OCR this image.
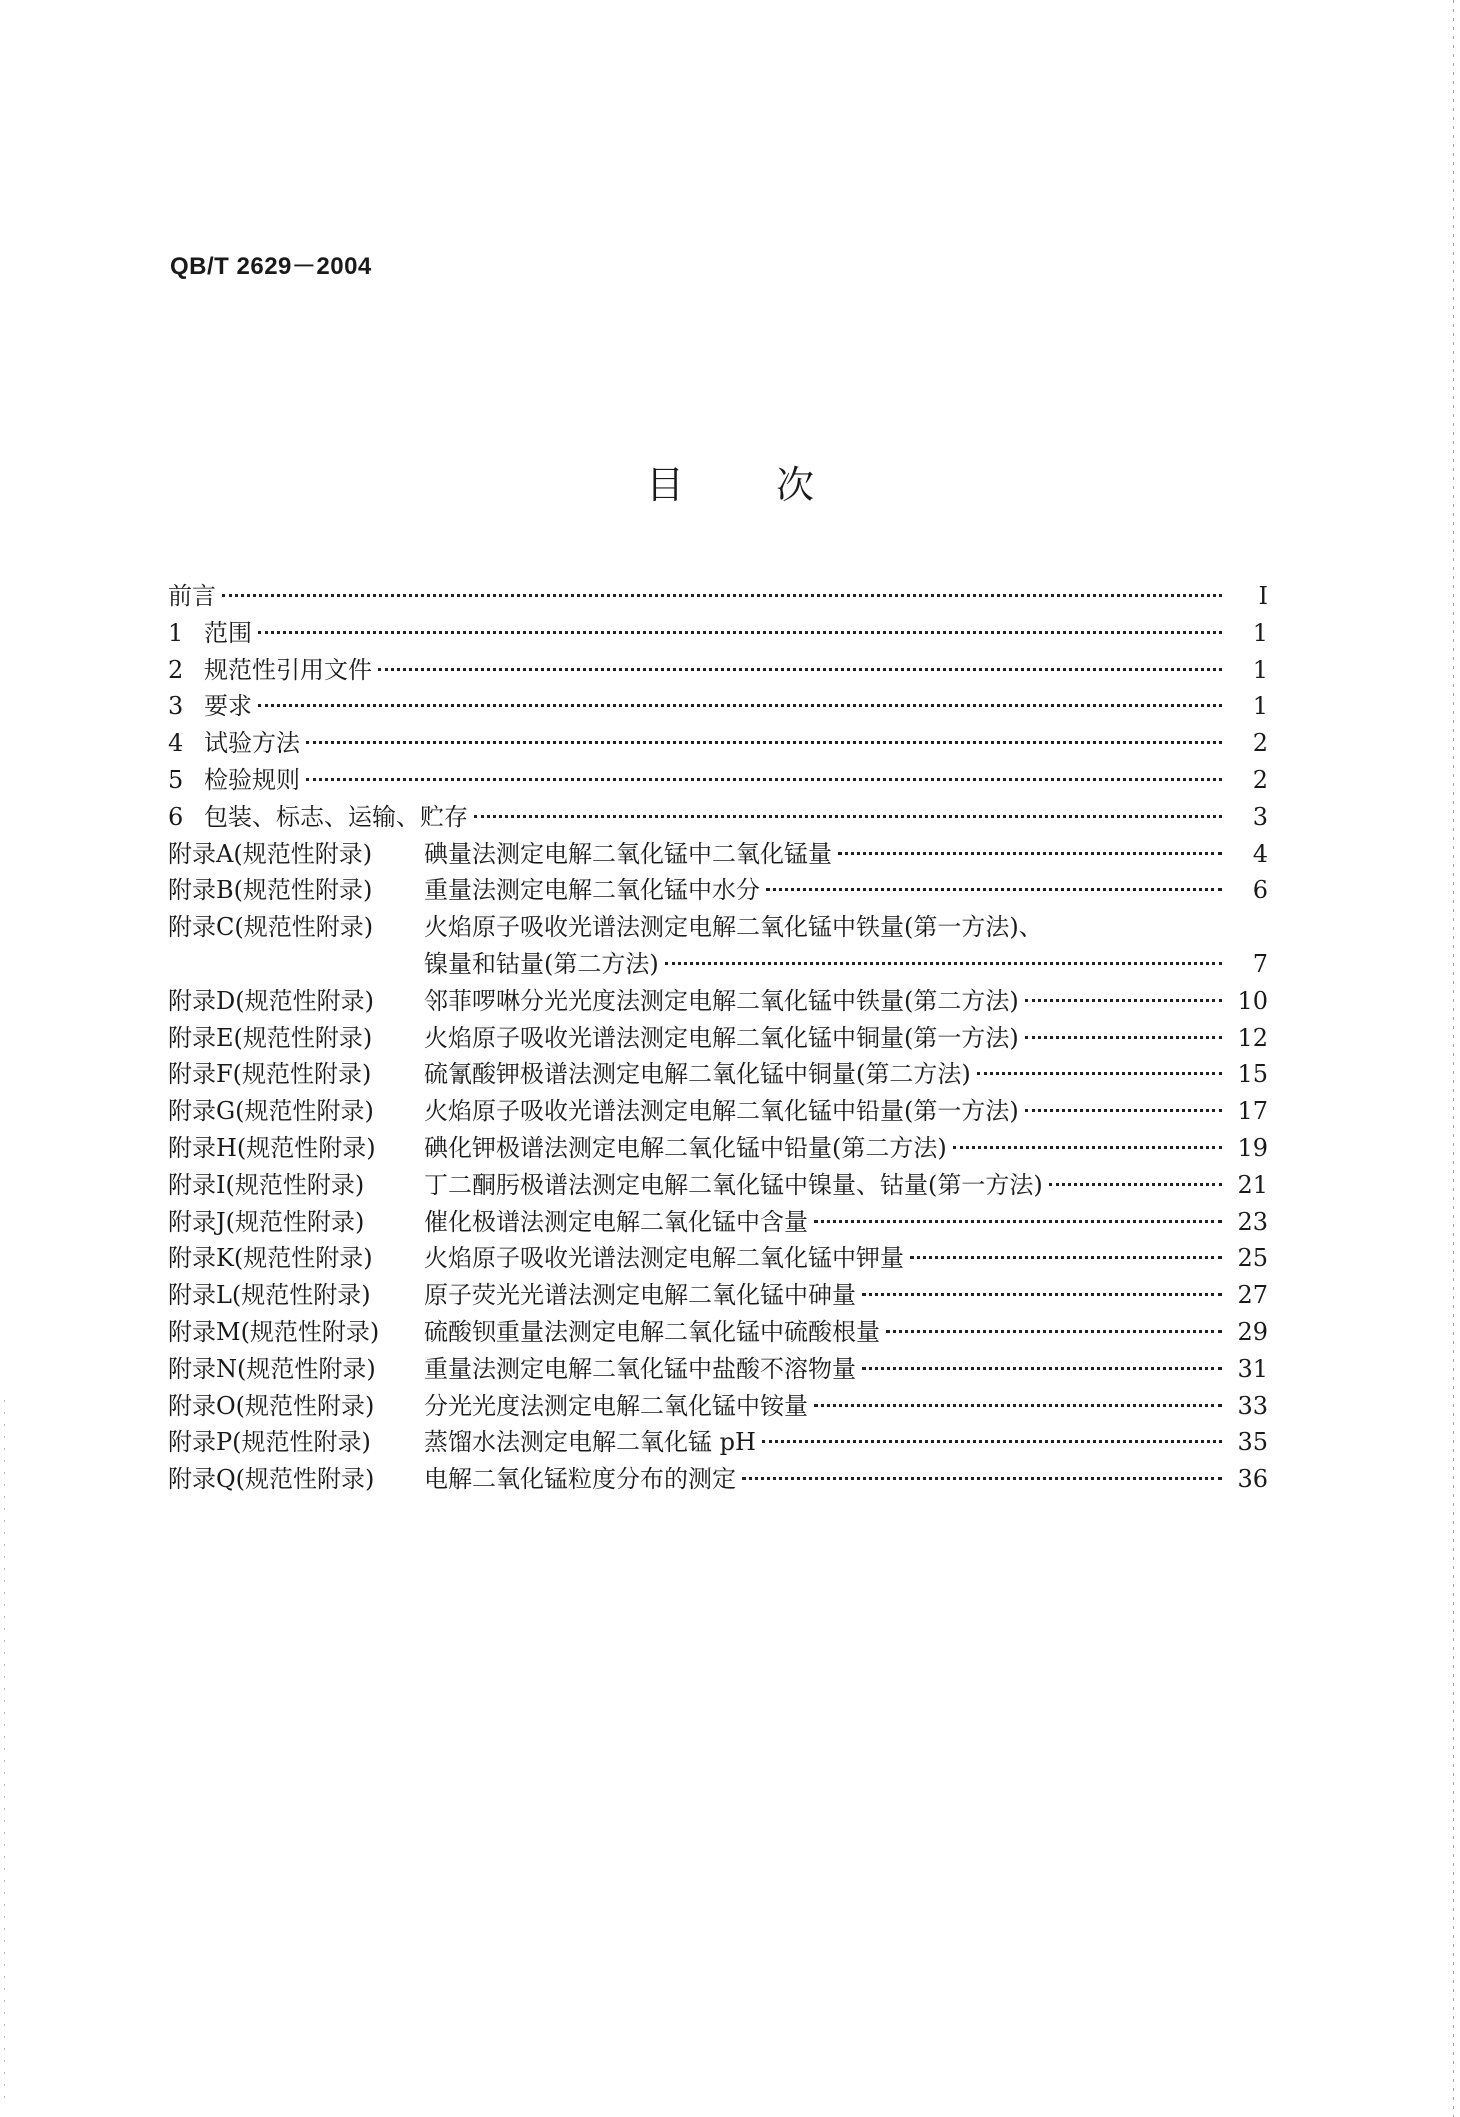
QB/T 2629－2004
目 次
前言	I
1 范围	1
2 规范性引用文件	1
3 要求	1
4 试验方法	2
5 检验规则	2
6 包装、标志、运输、贮存	3
附录A(规范性附录)	碘量法测定电解二氧化锰中二氧化锰量	4
附录B(规范性附录)	重量法测定电解二氧化锰中水分	6
附录C(规范性附录)	火焰原子吸收光谱法测定电解二氧化锰中铁量(第一方法)、
镍量和钴量(第二方法)	7
附录D(规范性附录)	邻菲啰啉分光光度法测定电解二氧化锰中铁量(第二方法)	10
附录E(规范性附录)	火焰原子吸收光谱法测定电解二氧化锰中铜量(第一方法)	12
附录F(规范性附录)	硫氰酸钾极谱法测定电解二氧化锰中铜量(第二方法)	15
附录G(规范性附录)	火焰原子吸收光谱法测定电解二氧化锰中铅量(第一方法)	17
附录H(规范性附录)	碘化钾极谱法测定电解二氧化锰中铅量(第二方法)	19
附录I(规范性附录)	丁二酮肟极谱法测定电解二氧化锰中镍量、钴量(第一方法)	21
附录J(规范性附录)	催化极谱法测定电解二氧化锰中含量	23
附录K(规范性附录)	火焰原子吸收光谱法测定电解二氧化锰中钾量	25
附录L(规范性附录)	原子荧光光谱法测定电解二氧化锰中砷量	27
附录M(规范性附录)	硫酸钡重量法测定电解二氧化锰中硫酸根量	29
附录N(规范性附录)	重量法测定电解二氧化锰中盐酸不溶物量	31
附录O(规范性附录)	分光光度法测定电解二氧化锰中铵量	33
附录P(规范性附录)	蒸馏水法测定电解二氧化锰 pH	35
附录Q(规范性附录)	电解二氧化锰粒度分布的测定	36
